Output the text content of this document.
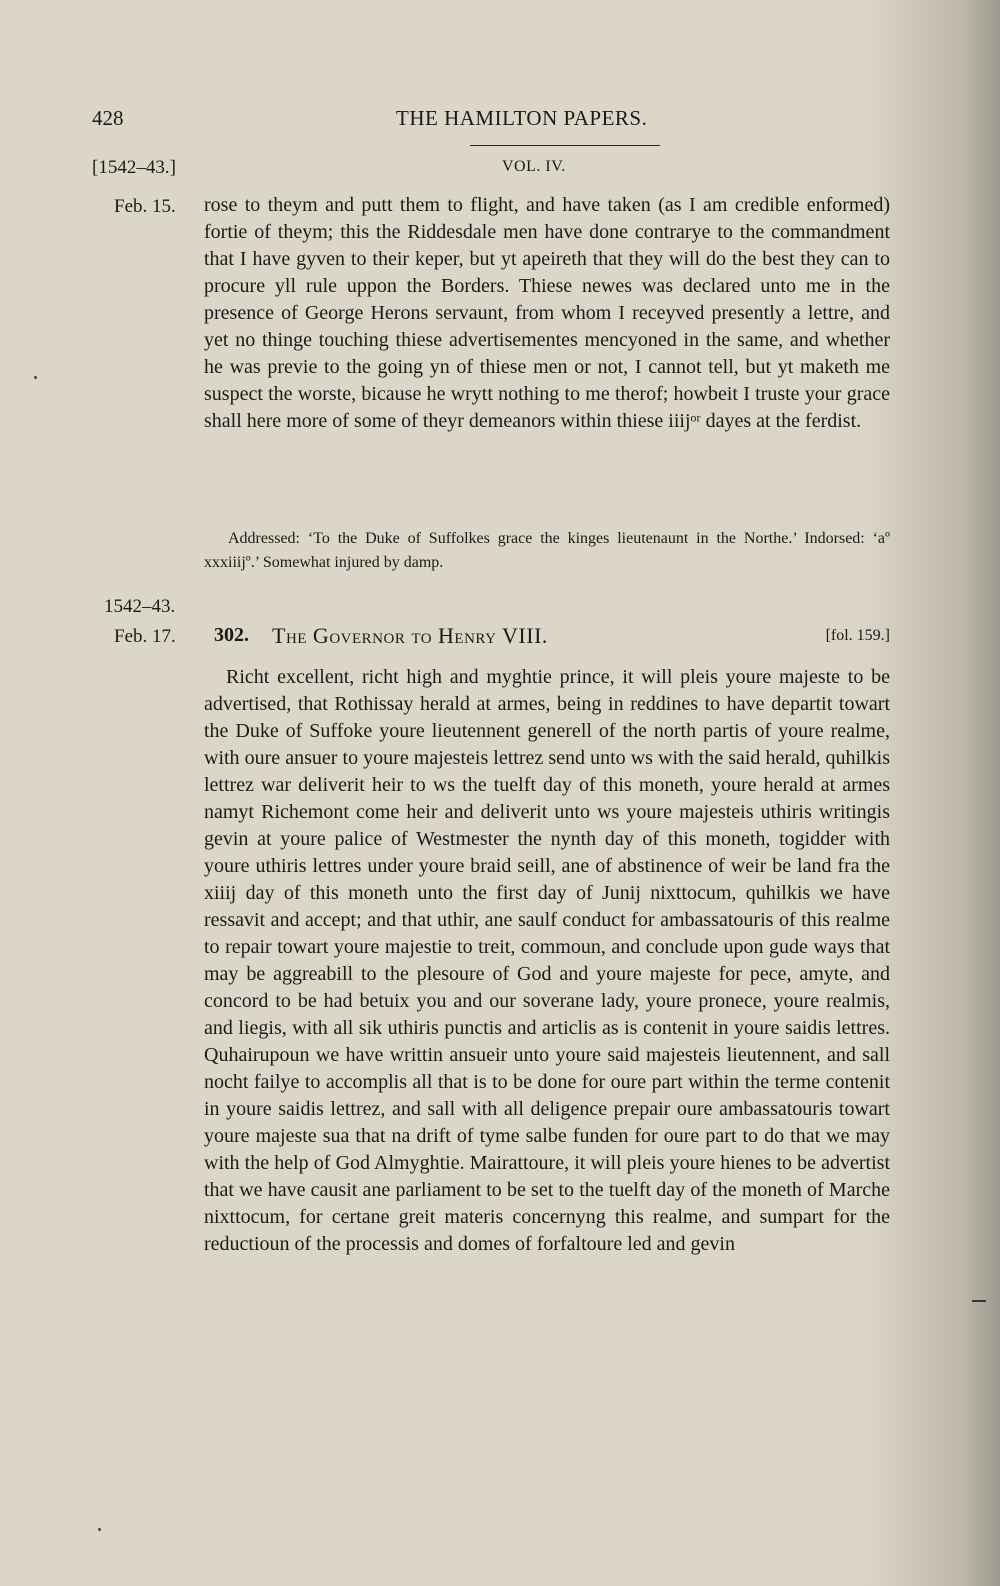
428	THE HAMILTON PAPERS.
[1542–43.]	VOL. IV.
Feb. 15. rose to theym and putt them to flight, and have taken (as I am credible enformed) fortie of theym; this the Riddesdale men have done contrarye to the commandment that I have gyven to their keper, but yt apeireth that they will do the best they can to procure yll rule uppon the Borders. Thiese newes was declared unto me in the presence of George Herons servaunt, from whom I receyved presently a lettre, and yet no thinge touching thiese advertisementes mencyoned in the same, and whether he was previe to the going yn of thiese men or not, I cannot tell, but yt maketh me suspect the worste, bicause he wrytt nothing to me therof; howbeit I truste your grace shall here more of some of theyr demeanors within thiese iiijᵒʳ dayes at the ferdist.

Addressed: ‘To the Duke of Suffolkes grace the kinges lieutenaunt in the Northe.’ Indorsed: ‘aº xxxiiijº.’ Somewhat injured by damp.

1542–43.
Feb. 17. 302. The Governor to Henry VIII.	[fol. 159.]

Richt excellent, richt high and myghtie prince, it will pleis youre majeste to be advertised, that Rothissay herald at armes, being in reddines to have departit towart the Duke of Suffoke youre lieutennent generell of the north partis of youre realme, with oure ansuer to youre majesteis lettrez send unto ws with the said herald, quhilkis lettrez war deliverit heir to ws the tuelft day of this moneth, youre herald at armes namyt Richemont come heir and deliverit unto ws youre majesteis uthiris writingis gevin at youre palice of Westmester the nynth day of this moneth, togidder with youre uthiris lettres under youre braid seill, ane of abstinence of weir be land fra the xiiij day of this moneth unto the first day of Junij nixttocum, quhilkis we have ressavit and accept; and that uthir, ane saulf conduct for ambassatouris of this realme to repair towart youre majestie to treit, commoun, and conclude upon gude ways that may be aggreabill to the plesoure of God and youre majeste for pece, amyte, and concord to be had betuix you and our soverane lady, youre pronece, youre realmis, and liegis, with all sik uthiris punctis and articlis as is contenit in youre saidis lettres. Quhairupoun we have writtin ansueir unto youre said majesteis lieutennent, and sall nocht failye to accomplis all that is to be done for oure part within the terme contenit in youre saidis lettrez, and sall with all deligence prepair oure ambassatouris towart youre majeste sua that na drift of tyme salbe funden for oure part to do that we may with the help of God Almyghtie. Mairattoure, it will pleis youre hienes to be advertist that we have causit ane parliament to be set to the tuelft day of the moneth of Marche nixttocum, for certane greit materis concernyng this realme, and sumpart for the reductioun of the processis and domes of forfaltoure led and gevin
